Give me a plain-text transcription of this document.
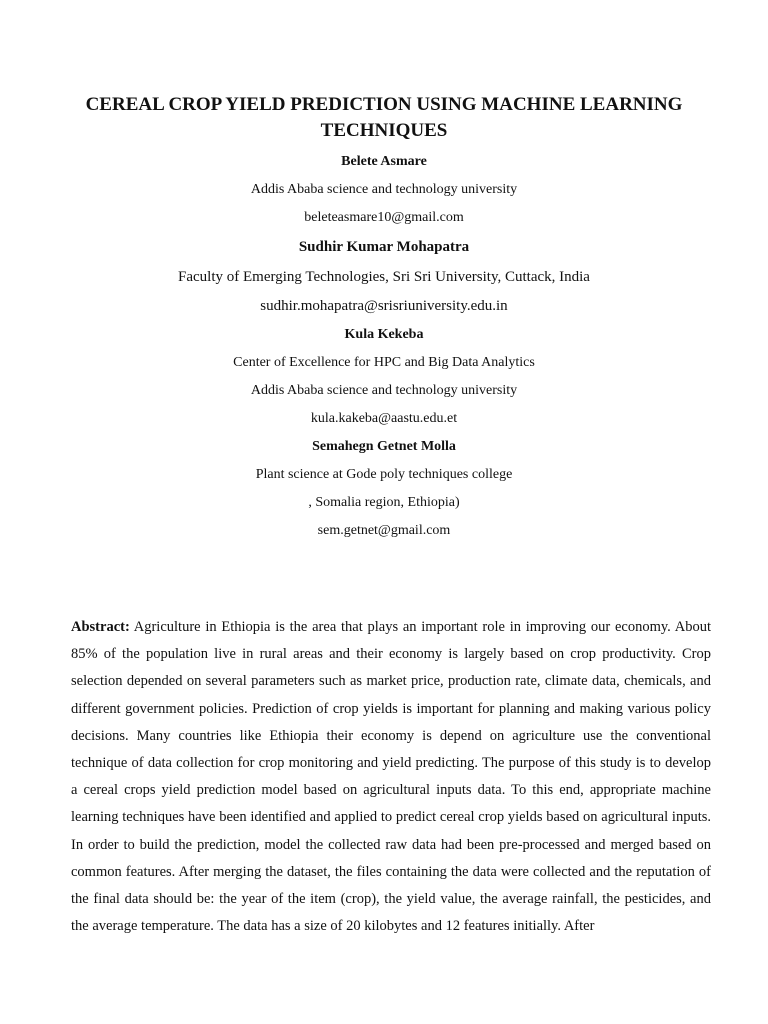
CEREAL CROP YIELD PREDICTION USING MACHINE LEARNING
TECHNIQUES
Belete Asmare
Addis Ababa science and technology university
beleteasmare10@gmail.com
Sudhir Kumar Mohapatra
Faculty of Emerging Technologies, Sri Sri University, Cuttack, India
sudhir.mohapatra@srisriuniversity.edu.in
Kula Kekeba
Center of Excellence for HPC and Big Data Analytics
Addis Ababa science and technology university
kula.kakeba@aastu.edu.et
Semahegn Getnet Molla
Plant science at Gode poly techniques college
, Somalia region, Ethiopia)
sem.getnet@gmail.com

Abstract: Agriculture in Ethiopia is the area that plays an important role in improving our economy. About 85% of the population live in rural areas and their economy is largely based on crop productivity. Crop selection depended on several parameters such as market price, production rate, climate data, chemicals, and different government policies. Prediction of crop yields is important for planning and making various policy decisions. Many countries like Ethiopia their economy is depend on agriculture use the conventional technique of data collection for crop monitoring and yield predicting. The purpose of this study is to develop a cereal crops yield prediction model based on agricultural inputs data. To this end, appropriate machine learning techniques have been identified and applied to predict cereal crop yields based on agricultural inputs. In order to build the prediction, model the collected raw data had been pre-processed and merged based on common features. After merging the dataset, the files containing the data were collected and the reputation of the final data should be: the year of the item (crop), the yield value, the average rainfall, the pesticides, and the average temperature. The data has a size of 20 kilobytes and 12 features initially. After
